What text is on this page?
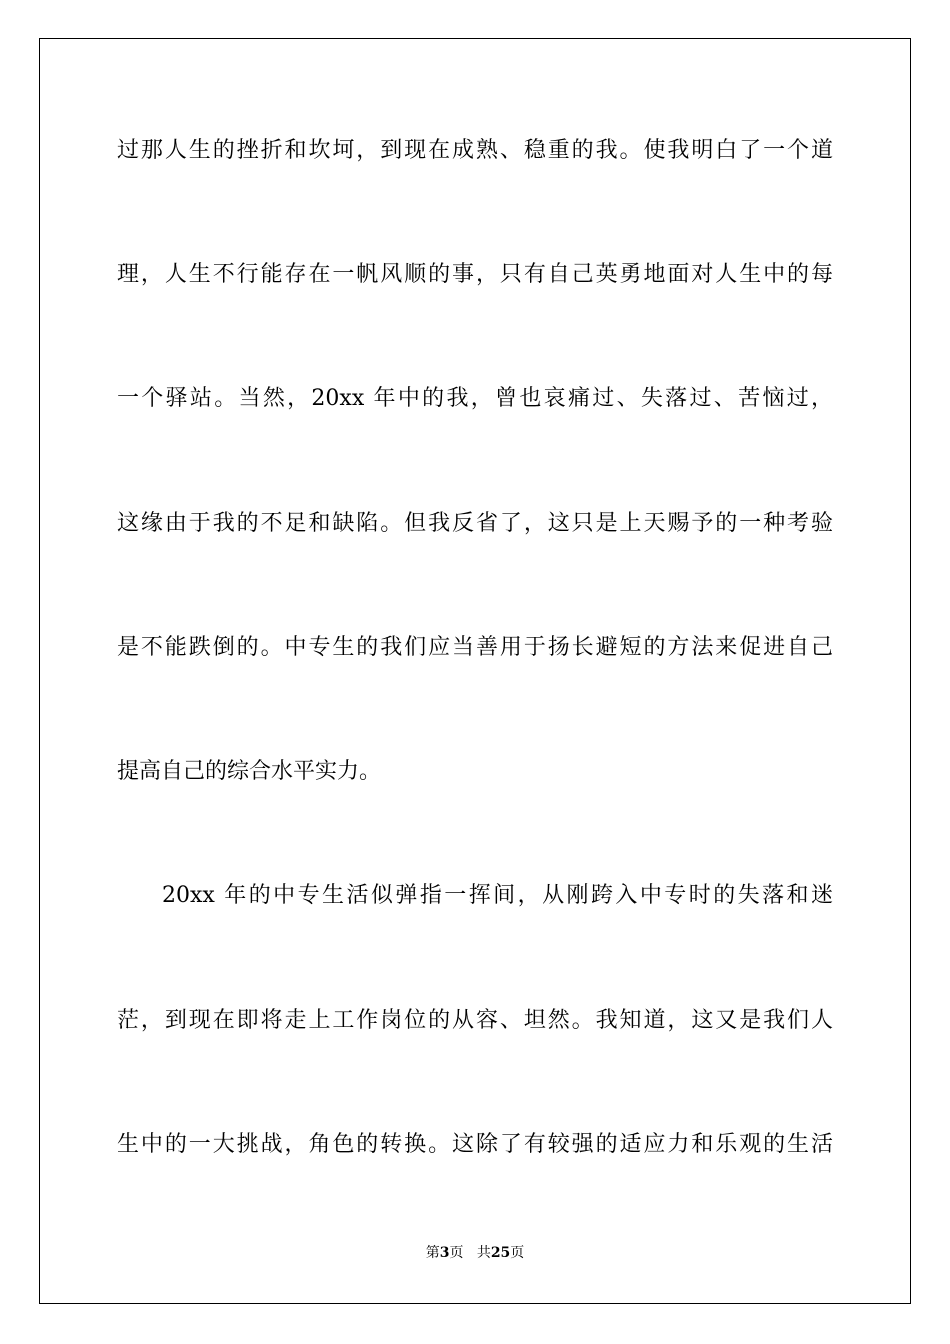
过那人生的挫折和坎坷，到现在成熟、稳重的我。使我明白了一个道
理，人生不行能存在一帆风顺的事，只有自己英勇地面对人生中的每
一个驿站。当然，20xx 年中的我，曾也哀痛过、失落过、苦恼过，
这缘由于我的不足和缺陷。但我反省了，这只是上天赐予的一种考验
是不能跌倒的。中专生的我们应当善用于扬长避短的方法来促进自己
提高自己的综合水平实力。
20xx 年的中专生活似弹指一挥间，从刚跨入中专时的失落和迷
茫，到现在即将走上工作岗位的从容、坦然。我知道，这又是我们人
生中的一大挑战，角色的转换。这除了有较强的适应力和乐观的生活
第3页 共25页
